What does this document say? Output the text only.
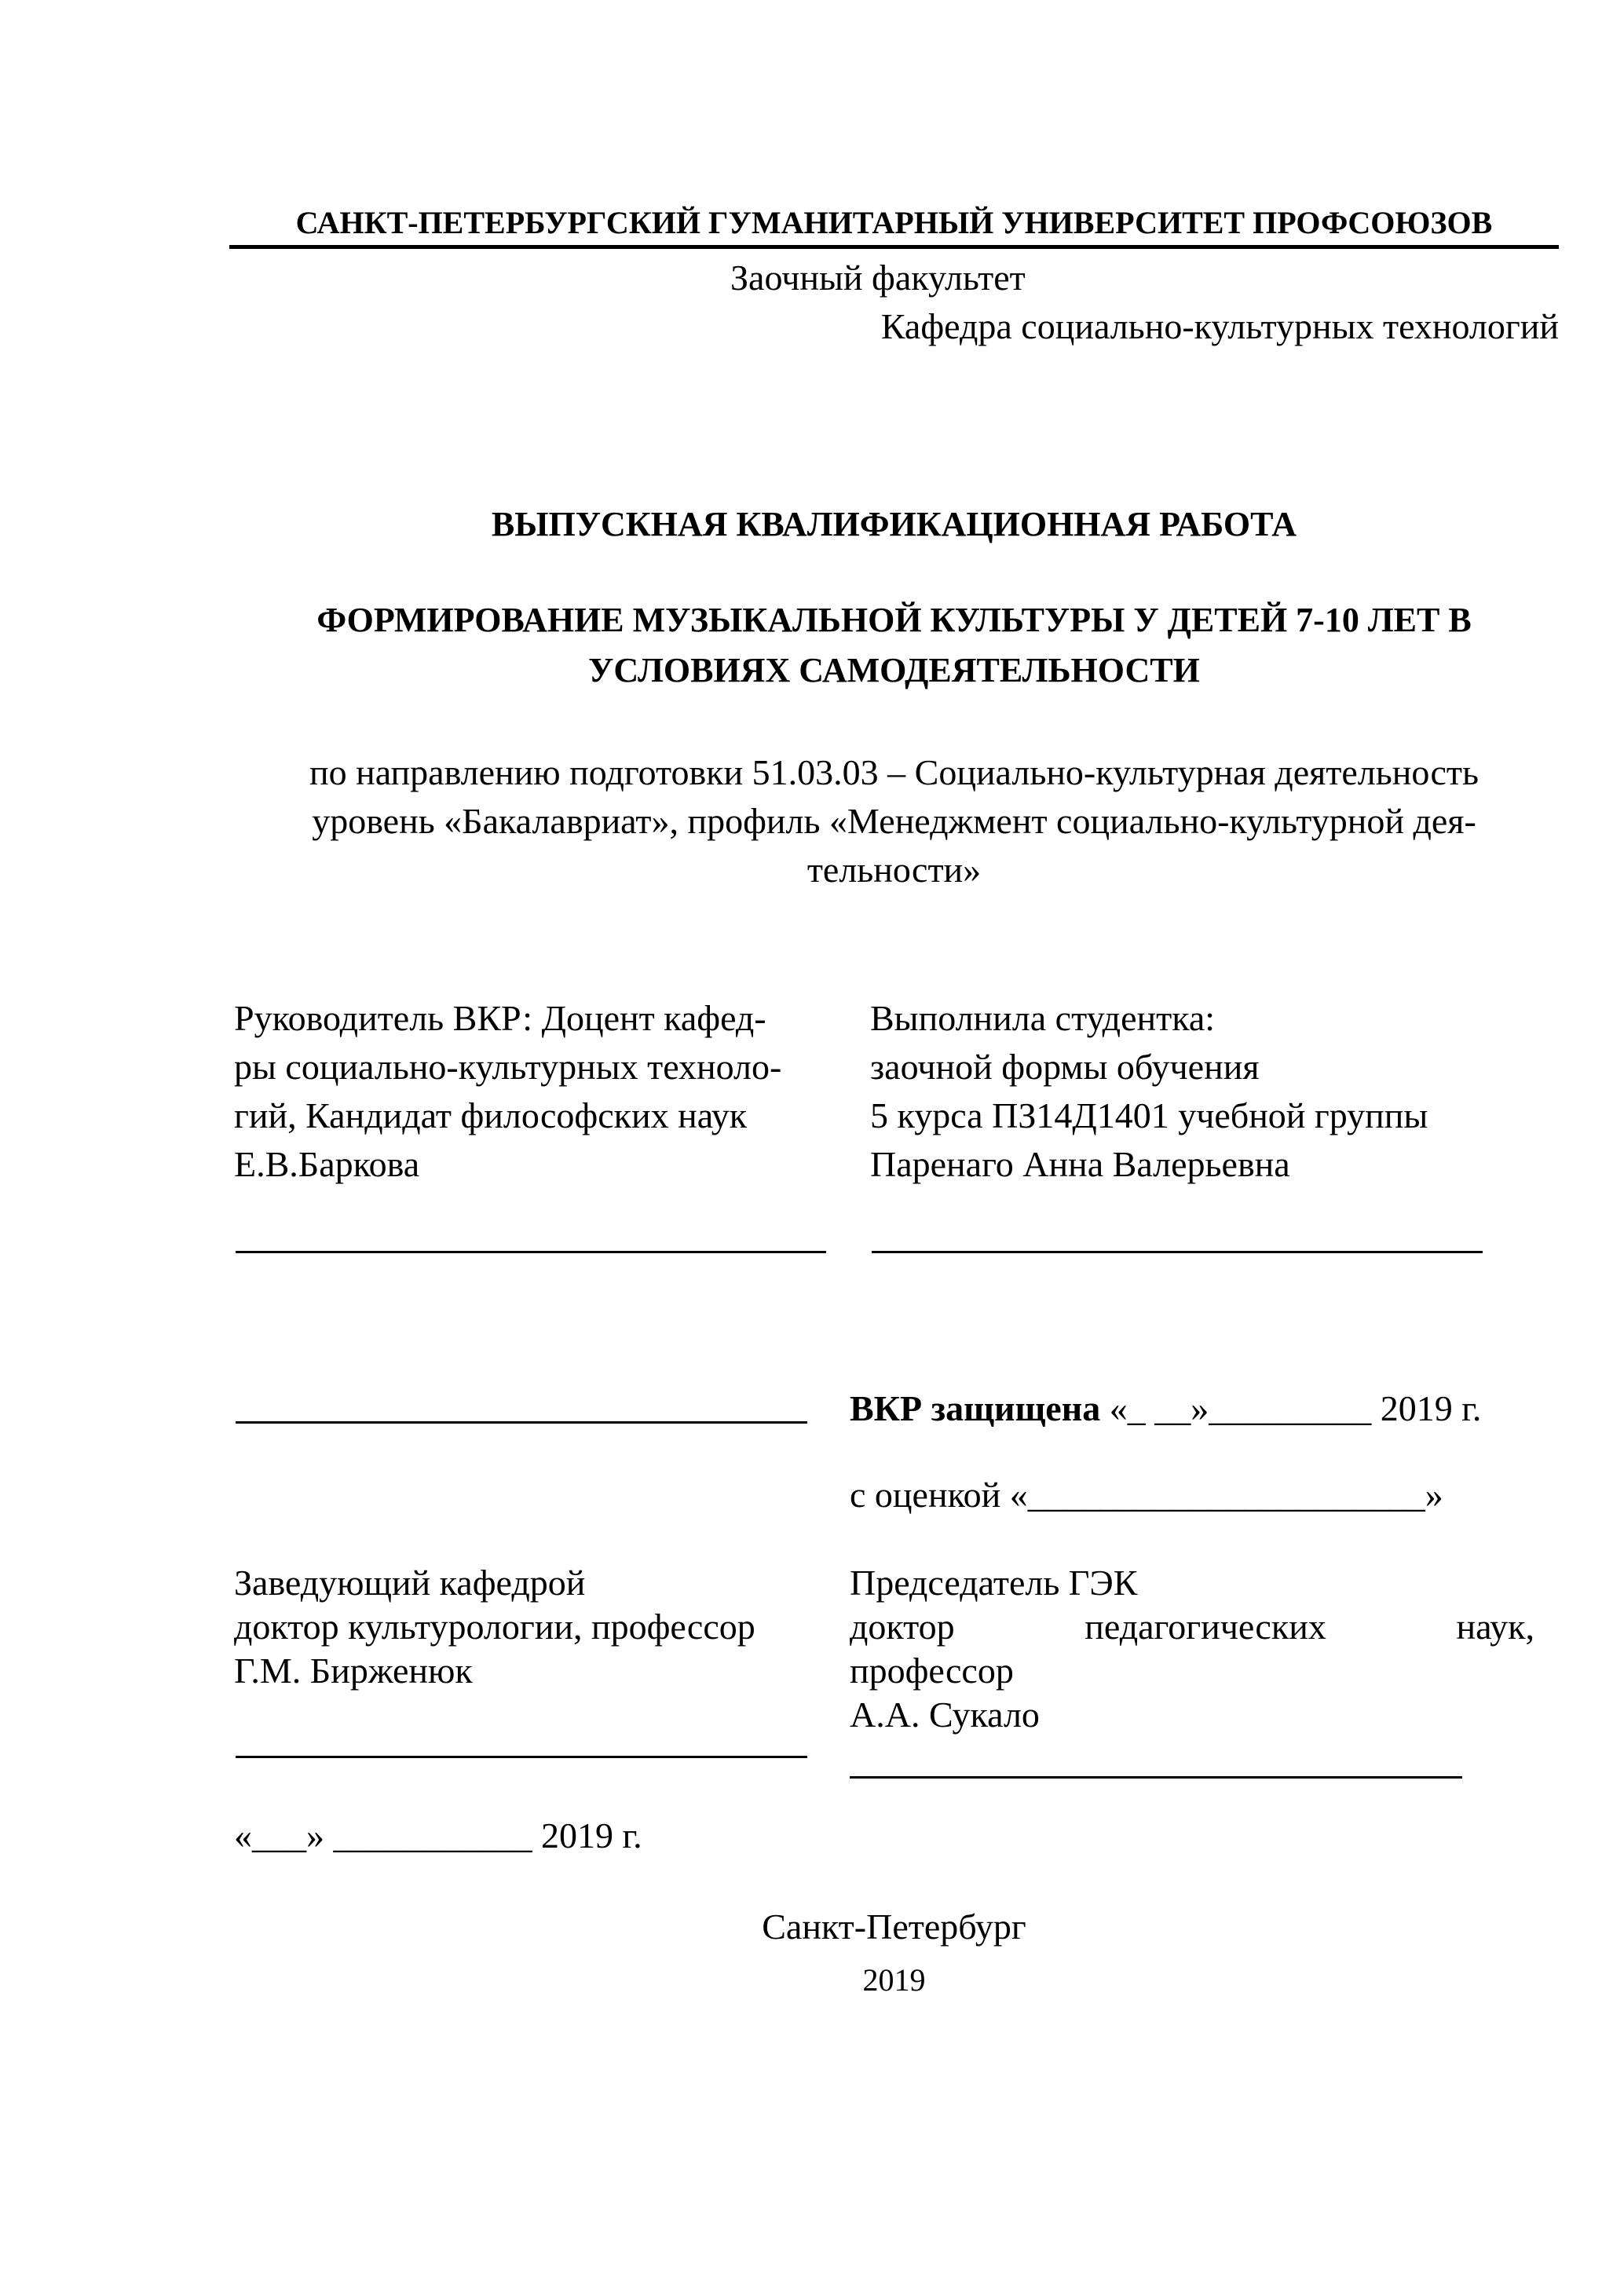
САНКТ-ПЕТЕРБУРГСКИЙ ГУМАНИТАРНЫЙ УНИВЕРСИТЕТ ПРОФСОЮЗОВ
Заочный факультет
Кафедра социально-культурных технологий
ВЫПУСКНАЯ КВАЛИФИКАЦИОННАЯ РАБОТА
ФОРМИРОВАНИЕ МУЗЫКАЛЬНОЙ КУЛЬТУРЫ У ДЕТЕЙ 7-10 ЛЕТ В
УСЛОВИЯХ САМОДЕЯТЕЛЬНОСТИ
по направлению подготовки 51.03.03 – Социально-культурная деятельность
уровень «Бакалавриат», профиль «Менеджмент социально-культурной дея-
тельности»

Руководитель ВКР: Доцент кафед-

ры социально-культурных техноло-

гий, Кандидат философских наук

Е.В.Баркова

Выполнила студентка:

заочной формы обучения

5 курса ПЗ14Д1401 учебной группы

Паренаго Анна Валерьевна

ВКР защищена «_ __»_________ 2019 г.
с оценкой «______________________»

Заведующий кафедрой

доктор культурологии, профессор

Г.М. Бирженюк

Председатель ГЭК

доктор	педагогических	наук,

профессор

А.А. Сукало

«___» ___________ 2019 г.
Санкт-Петербург
2019
